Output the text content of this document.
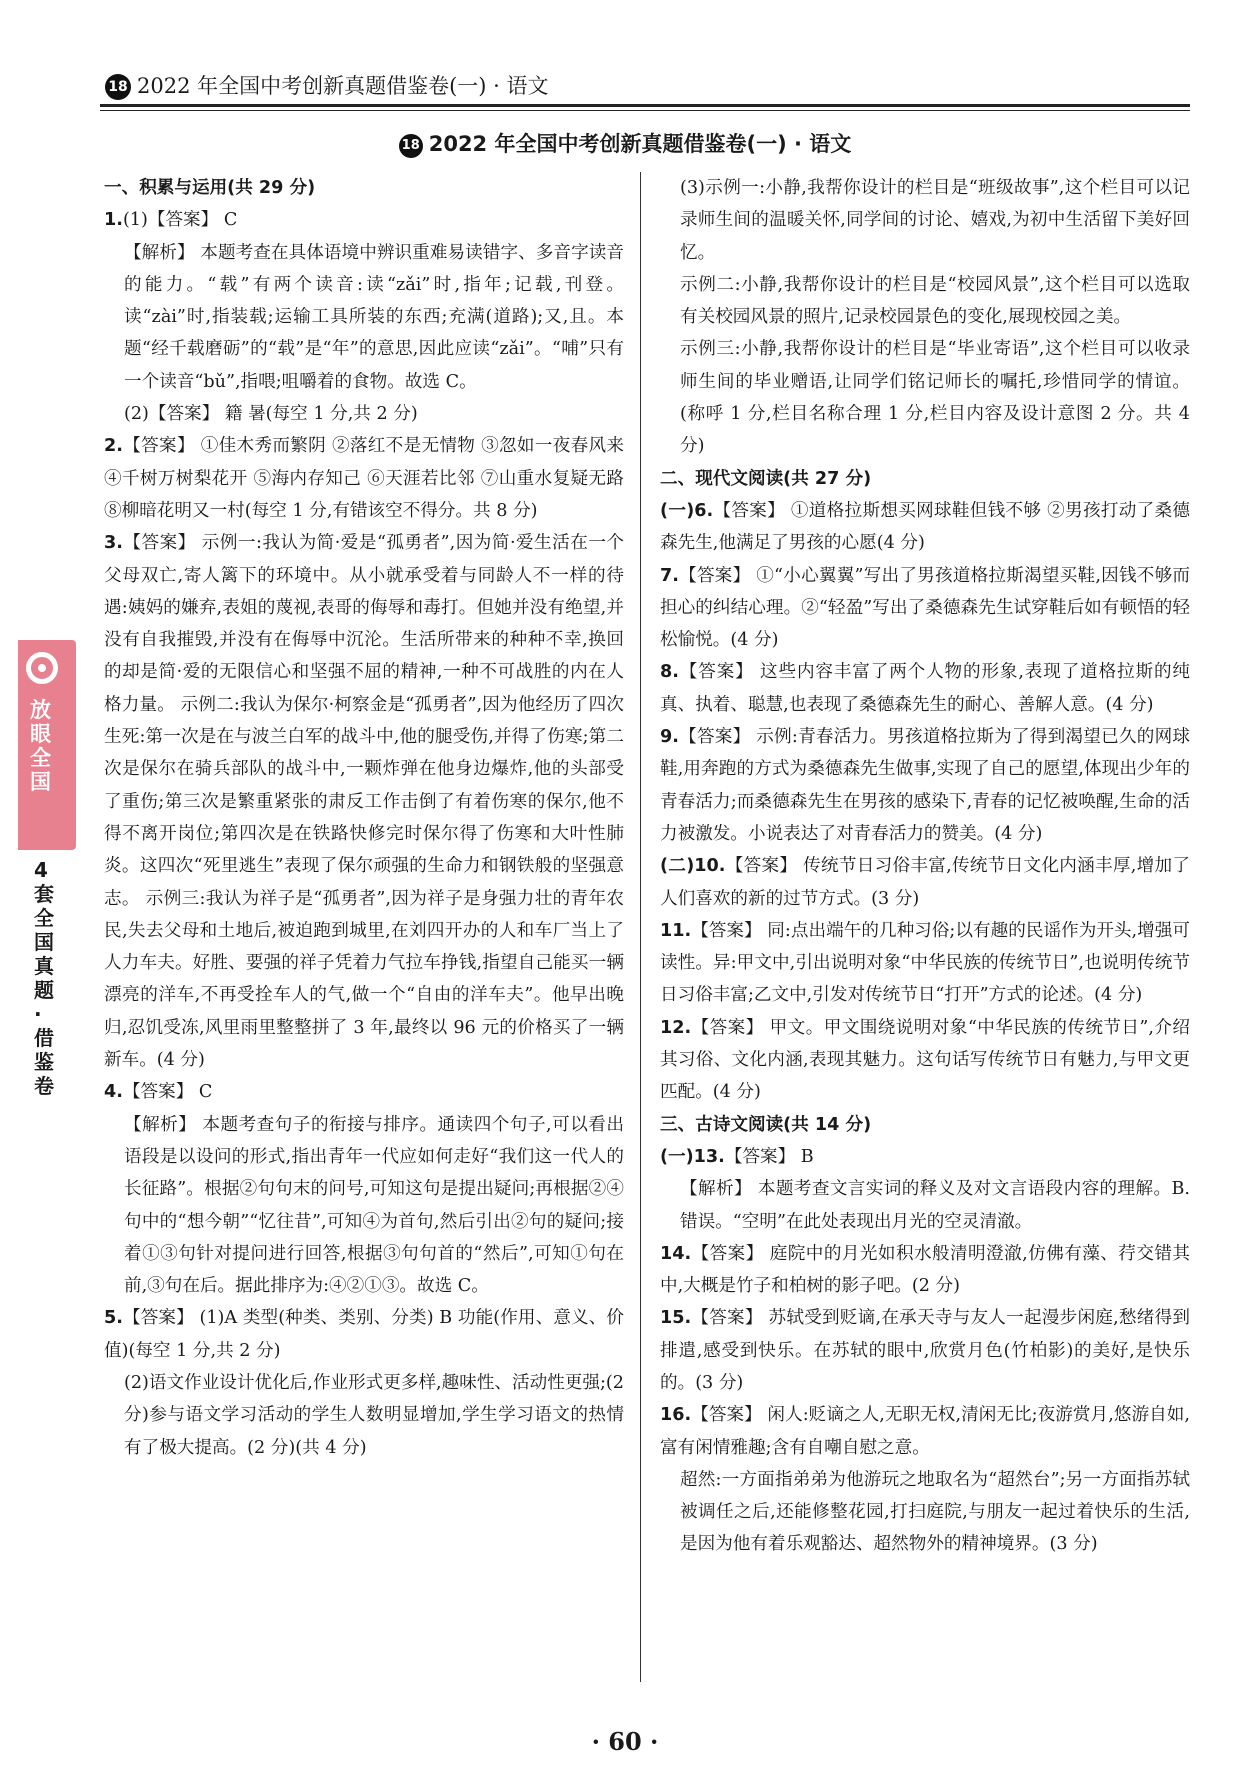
18 2022 年全国中考创新真题借鉴卷(一) · 语文
18 2022 年全国中考创新真题借鉴卷(一) · 语文
放眼全国
4套全国真题·借鉴卷

一、积累与运用(共 29 分)

1.(1)【答案】 C

【解析】 本题考查在具体语境中辨识重难易读错字、多音字读音的能力。“载”有两个读音:读“zǎi”时,指年;记载,刊登。读“zài”时,指装载;运输工具所装的东西;充满(道路);又,且。本题“经千载磨砺”的“载”是“年”的意思,因此应读“zǎi”。“哺”只有一个读音“bǔ”,指喂;咀嚼着的食物。故选 C。

(2)【答案】 籍 暑(每空 1 分,共 2 分)

2.【答案】 ①佳木秀而繁阴 ②落红不是无情物 ③忽如一夜春风来 ④千树万树梨花开 ⑤海内存知己 ⑥天涯若比邻 ⑦山重水复疑无路 ⑧柳暗花明又一村(每空 1 分,有错该空不得分。共 8 分)

3.【答案】 示例一:我认为简·爱是“孤勇者”,因为简·爱生活在一个父母双亡,寄人篱下的环境中。从小就承受着与同龄人不一样的待遇:姨妈的嫌弃,表姐的蔑视,表哥的侮辱和毒打。但她并没有绝望,并没有自我摧毁,并没有在侮辱中沉沦。生活所带来的种种不幸,换回的却是简·爱的无限信心和坚强不屈的精神,一种不可战胜的内在人格力量。 示例二:我认为保尔·柯察金是“孤勇者”,因为他经历了四次生死:第一次是在与波兰白军的战斗中,他的腿受伤,并得了伤寒;第二次是保尔在骑兵部队的战斗中,一颗炸弹在他身边爆炸,他的头部受了重伤;第三次是繁重紧张的肃反工作击倒了有着伤寒的保尔,他不得不离开岗位;第四次是在铁路快修完时保尔得了伤寒和大叶性肺炎。这四次“死里逃生”表现了保尔顽强的生命力和钢铁般的坚强意志。 示例三:我认为祥子是“孤勇者”,因为祥子是身强力壮的青年农民,失去父母和土地后,被迫跑到城里,在刘四开办的人和车厂当上了人力车夫。好胜、要强的祥子凭着力气拉车挣钱,指望自己能买一辆漂亮的洋车,不再受拴车人的气,做一个“自由的洋车夫”。他早出晚归,忍饥受冻,风里雨里整整拼了 3 年,最终以 96 元的价格买了一辆新车。(4 分)

4.【答案】 C

【解析】 本题考查句子的衔接与排序。通读四个句子,可以看出语段是以设问的形式,指出青年一代应如何走好“我们这一代人的长征路”。根据②句句末的问号,可知这句是提出疑问;再根据②④句中的“想今朝”“忆往昔”,可知④为首句,然后引出②句的疑问;接着①③句针对提问进行回答,根据③句句首的“然后”,可知①句在前,③句在后。据此排序为:④②①③。故选 C。

5.【答案】 (1)A 类型(种类、类别、分类) B 功能(作用、意义、价值)(每空 1 分,共 2 分)

(2)语文作业设计优化后,作业形式更多样,趣味性、活动性更强;(2 分)参与语文学习活动的学生人数明显增加,学生学习语文的热情有了极大提高。(2 分)(共 4 分)

(3)示例一:小静,我帮你设计的栏目是“班级故事”,这个栏目可以记录师生间的温暖关怀,同学间的讨论、嬉戏,为初中生活留下美好回忆。

示例二:小静,我帮你设计的栏目是“校园风景”,这个栏目可以选取有关校园风景的照片,记录校园景色的变化,展现校园之美。

示例三:小静,我帮你设计的栏目是“毕业寄语”,这个栏目可以收录师生间的毕业赠语,让同学们铭记师长的嘱托,珍惜同学的情谊。(称呼 1 分,栏目名称合理 1 分,栏目内容及设计意图 2 分。共 4 分)

二、现代文阅读(共 27 分)

(一)6.【答案】 ①道格拉斯想买网球鞋但钱不够 ②男孩打动了桑德森先生,他满足了男孩的心愿(4 分)

7.【答案】 ①“小心翼翼”写出了男孩道格拉斯渴望买鞋,因钱不够而担心的纠结心理。②“轻盈”写出了桑德森先生试穿鞋后如有顿悟的轻松愉悦。(4 分)

8.【答案】 这些内容丰富了两个人物的形象,表现了道格拉斯的纯真、执着、聪慧,也表现了桑德森先生的耐心、善解人意。(4 分)

9.【答案】 示例:青春活力。男孩道格拉斯为了得到渴望已久的网球鞋,用奔跑的方式为桑德森先生做事,实现了自己的愿望,体现出少年的青春活力;而桑德森先生在男孩的感染下,青春的记忆被唤醒,生命的活力被激发。小说表达了对青春活力的赞美。(4 分)

(二)10.【答案】 传统节日习俗丰富,传统节日文化内涵丰厚,增加了人们喜欢的新的过节方式。(3 分)

11.【答案】 同:点出端午的几种习俗;以有趣的民谣作为开头,增强可读性。异:甲文中,引出说明对象“中华民族的传统节日”,也说明传统节日习俗丰富;乙文中,引发对传统节日“打开”方式的论述。(4 分)

12.【答案】 甲文。甲文围绕说明对象“中华民族的传统节日”,介绍其习俗、文化内涵,表现其魅力。这句话写传统节日有魅力,与甲文更匹配。(4 分)

三、古诗文阅读(共 14 分)

(一)13.【答案】 B

【解析】 本题考查文言实词的释义及对文言语段内容的理解。B. 错误。“空明”在此处表现出月光的空灵清澈。

14.【答案】 庭院中的月光如积水般清明澄澈,仿佛有藻、荇交错其中,大概是竹子和柏树的影子吧。(2 分)

15.【答案】 苏轼受到贬谪,在承天寺与友人一起漫步闲庭,愁绪得到排遣,感受到快乐。在苏轼的眼中,欣赏月色(竹柏影)的美好,是快乐的。(3 分)

16.【答案】 闲人:贬谪之人,无职无权,清闲无比;夜游赏月,悠游自如,富有闲情雅趣;含有自嘲自慰之意。

超然:一方面指弟弟为他游玩之地取名为“超然台”;另一方面指苏轼被调任之后,还能修整花园,打扫庭院,与朋友一起过着快乐的生活,是因为他有着乐观豁达、超然物外的精神境界。(3 分)

· 60 ·
